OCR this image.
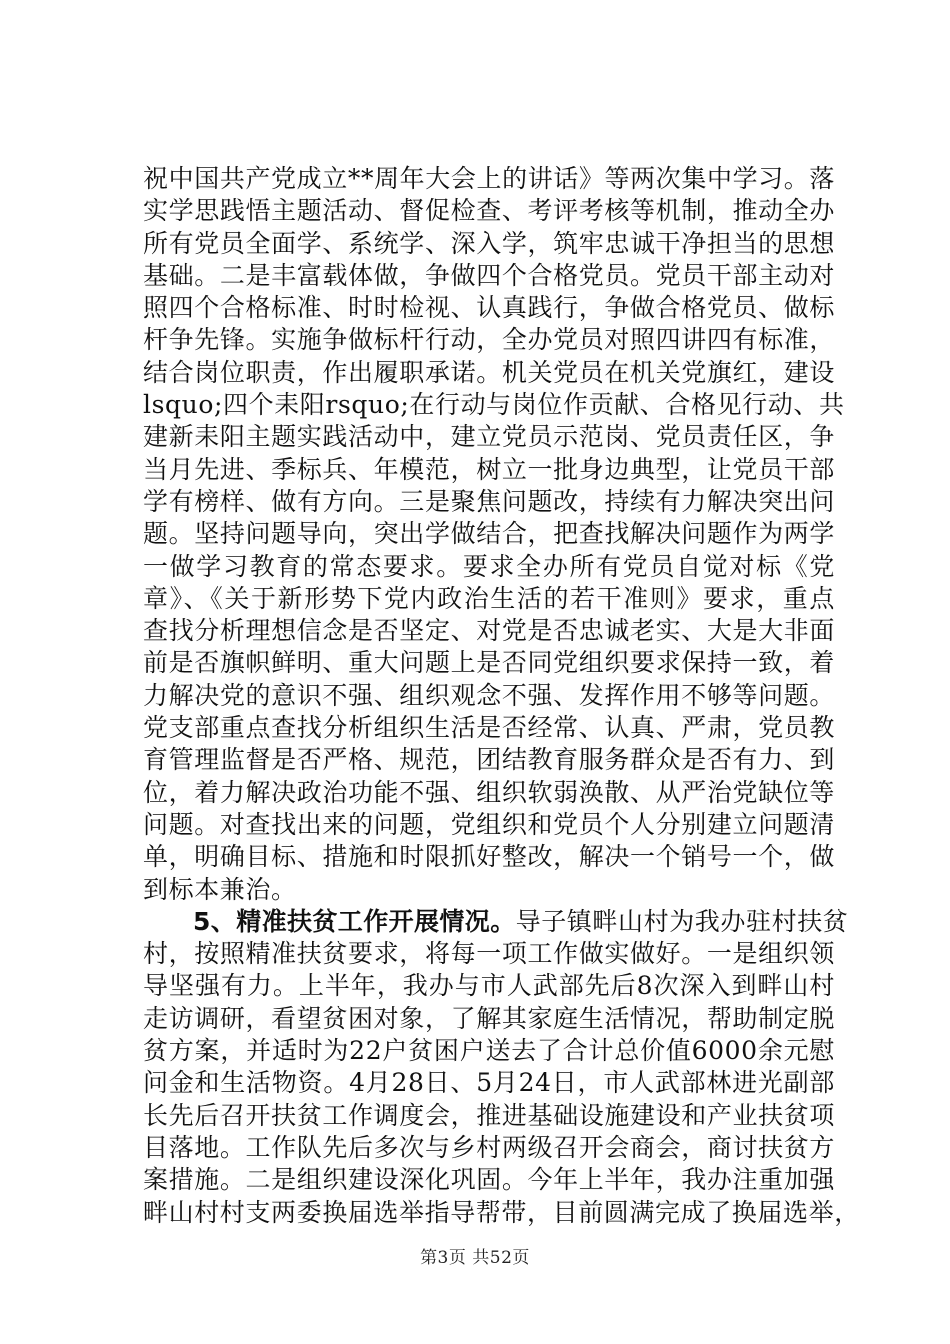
祝中国共产党成立**周年大会上的讲话》等两次集中学习。落
实学思践悟主题活动、督促检查、考评考核等机制，推动全办
所有党员全面学、系统学、深入学，筑牢忠诚干净担当的思想
基础。二是丰富载体做，争做四个合格党员。党员干部主动对
照四个合格标准、时时检视、认真践行，争做合格党员、做标
杆争先锋。实施争做标杆行动，全办党员对照四讲四有标准，
结合岗位职责，作出履职承诺。机关党员在机关党旗红，建设
lsquo;四个耒阳rsquo;在行动与岗位作贡献、合格见行动、共
建新耒阳主题实践活动中，建立党员示范岗、党员责任区，争
当月先进、季标兵、年模范，树立一批身边典型，让党员干部
学有榜样、做有方向。三是聚焦问题改，持续有力解决突出问
题。坚持问题导向，突出学做结合，把查找解决问题作为两学
一做学习教育的常态要求。要求全办所有党员自觉对标《党
章》、《关于新形势下党内政治生活的若干准则》要求，重点
查找分析理想信念是否坚定、对党是否忠诚老实、大是大非面
前是否旗帜鲜明、重大问题上是否同党组织要求保持一致，着
力解决党的意识不强、组织观念不强、发挥作用不够等问题。
党支部重点查找分析组织生活是否经常、认真、严肃，党员教
育管理监督是否严格、规范，团结教育服务群众是否有力、到
位，着力解决政治功能不强、组织软弱涣散、从严治党缺位等
问题。对查找出来的问题，党组织和党员个人分别建立问题清
单，明确目标、措施和时限抓好整改，解决一个销号一个，做
到标本兼治。
5、精准扶贫工作开展情况。导子镇畔山村为我办驻村扶贫
村，按照精准扶贫要求，将每一项工作做实做好。一是组织领
导坚强有力。上半年，我办与市人武部先后8次深入到畔山村
走访调研，看望贫困对象，了解其家庭生活情况，帮助制定脱
贫方案，并适时为22户贫困户送去了合计总价值6000余元慰
问金和生活物资。4月28日、5月24日，市人武部林进光副部
长先后召开扶贫工作调度会，推进基础设施建设和产业扶贫项
目落地。工作队先后多次与乡村两级召开会商会，商讨扶贫方
案措施。二是组织建设深化巩固。今年上半年，我办注重加强
畔山村村支两委换届选举指导帮带，目前圆满完成了换届选举，
第3页 共52页
